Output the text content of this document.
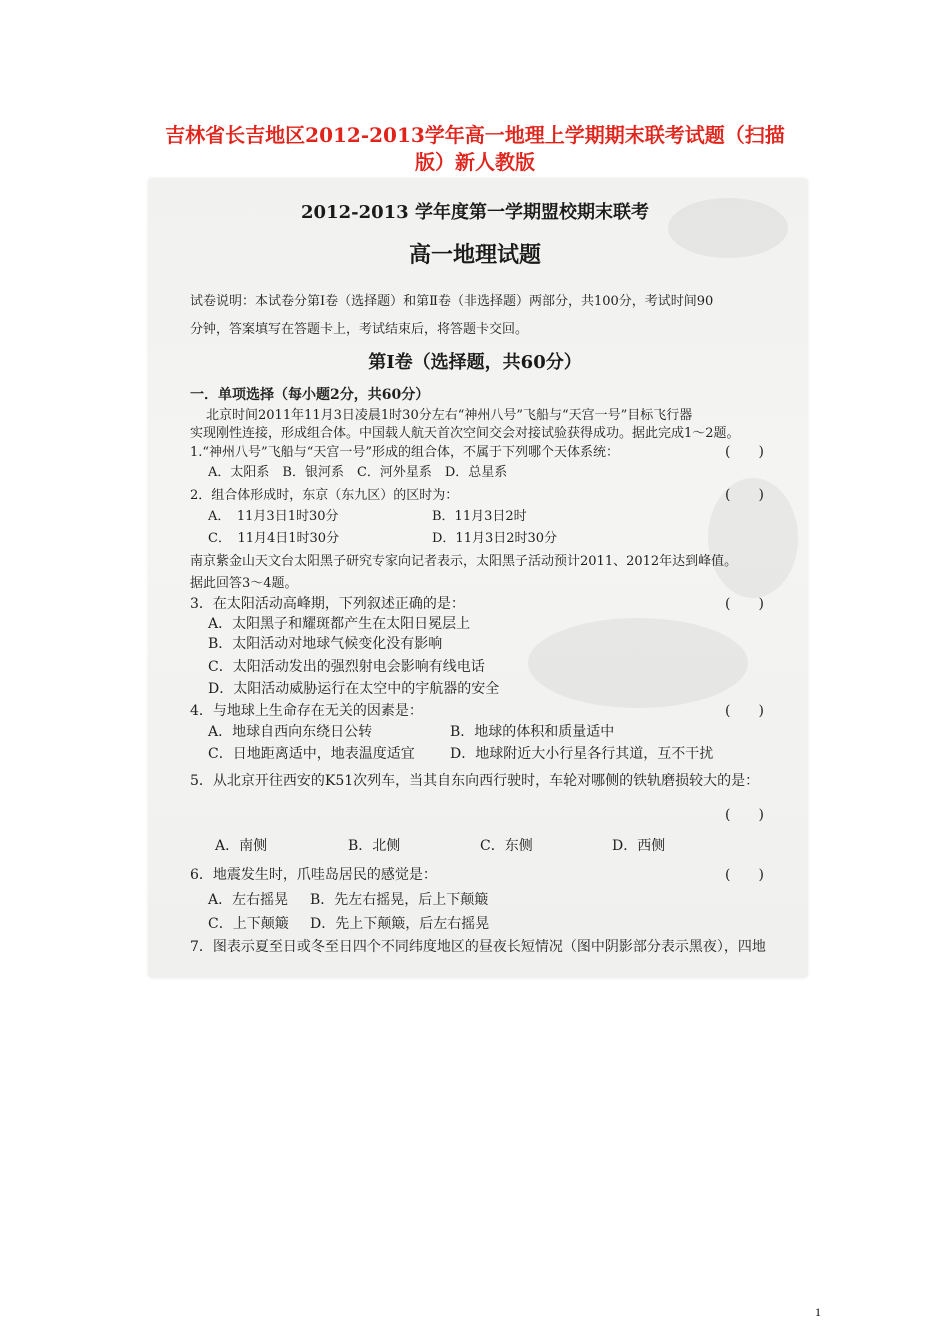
吉林省长吉地区2012-2013学年高一地理上学期期末联考试题（扫描
版）新人教版
2012-2013 学年度第一学期盟校期末联考
高一地理试题
试卷说明：本试卷分第Ⅰ卷（选择题）和第Ⅱ卷（非选择题）两部分，共100分，考试时间90
分钟，答案填写在答题卡上，考试结束后，将答题卡交回。
第Ⅰ卷（选择题，共60分）
一．单项选择（每小题2分，共60分）
北京时间2011年11月3日凌晨1时30分左右“神州八号”飞船与“天宫一号”目标飞行器
实现刚性连接，形成组合体。中国载人航天首次空间交会对接试验获得成功。据此完成1～2题。
1.“神州八号”飞船与“天宫一号”形成的组合体，不属于下列哪个天体系统：	(　　)
A．太阳系　B．银河系　C．河外星系　D．总星系
2．组合体形成时，东京（东九区）的区时为：	(　　)
A．　11月3日1时30分	B．11月3日2时
C．　11月4日1时30分	D．11月3日2时30分
南京紫金山天文台太阳黑子研究专家向记者表示，太阳黑子活动预计2011、2012年达到峰值。
据此回答3～4题。
3．在太阳活动高峰期，下列叙述正确的是：	(　　)
A．太阳黑子和耀斑都产生在太阳日冕层上
B．太阳活动对地球气候变化没有影响
C．太阳活动发出的强烈射电会影响有线电话
D．太阳活动威胁运行在太空中的宇航器的安全
4．与地球上生命存在无关的因素是：	(　　)
A．地球自西向东绕日公转	B．地球的体积和质量适中
C．日地距离适中，地表温度适宜	D．地球附近大小行星各行其道，互不干扰
5．从北京开往西安的K51次列车，当其自东向西行驶时，车轮对哪侧的铁轨磨损较大的是：
(　　)
A．南侧	B．北侧	C．东侧	D．西侧
6．地震发生时，爪哇岛居民的感觉是：	(　　)
A．左右摇晃 B．先左右摇晃，后上下颠簸
C．上下颠簸 D．先上下颠簸，后左右摇晃
7．图表示夏至日或冬至日四个不同纬度地区的昼夜长短情况（图中阴影部分表示黑夜），四地
1
